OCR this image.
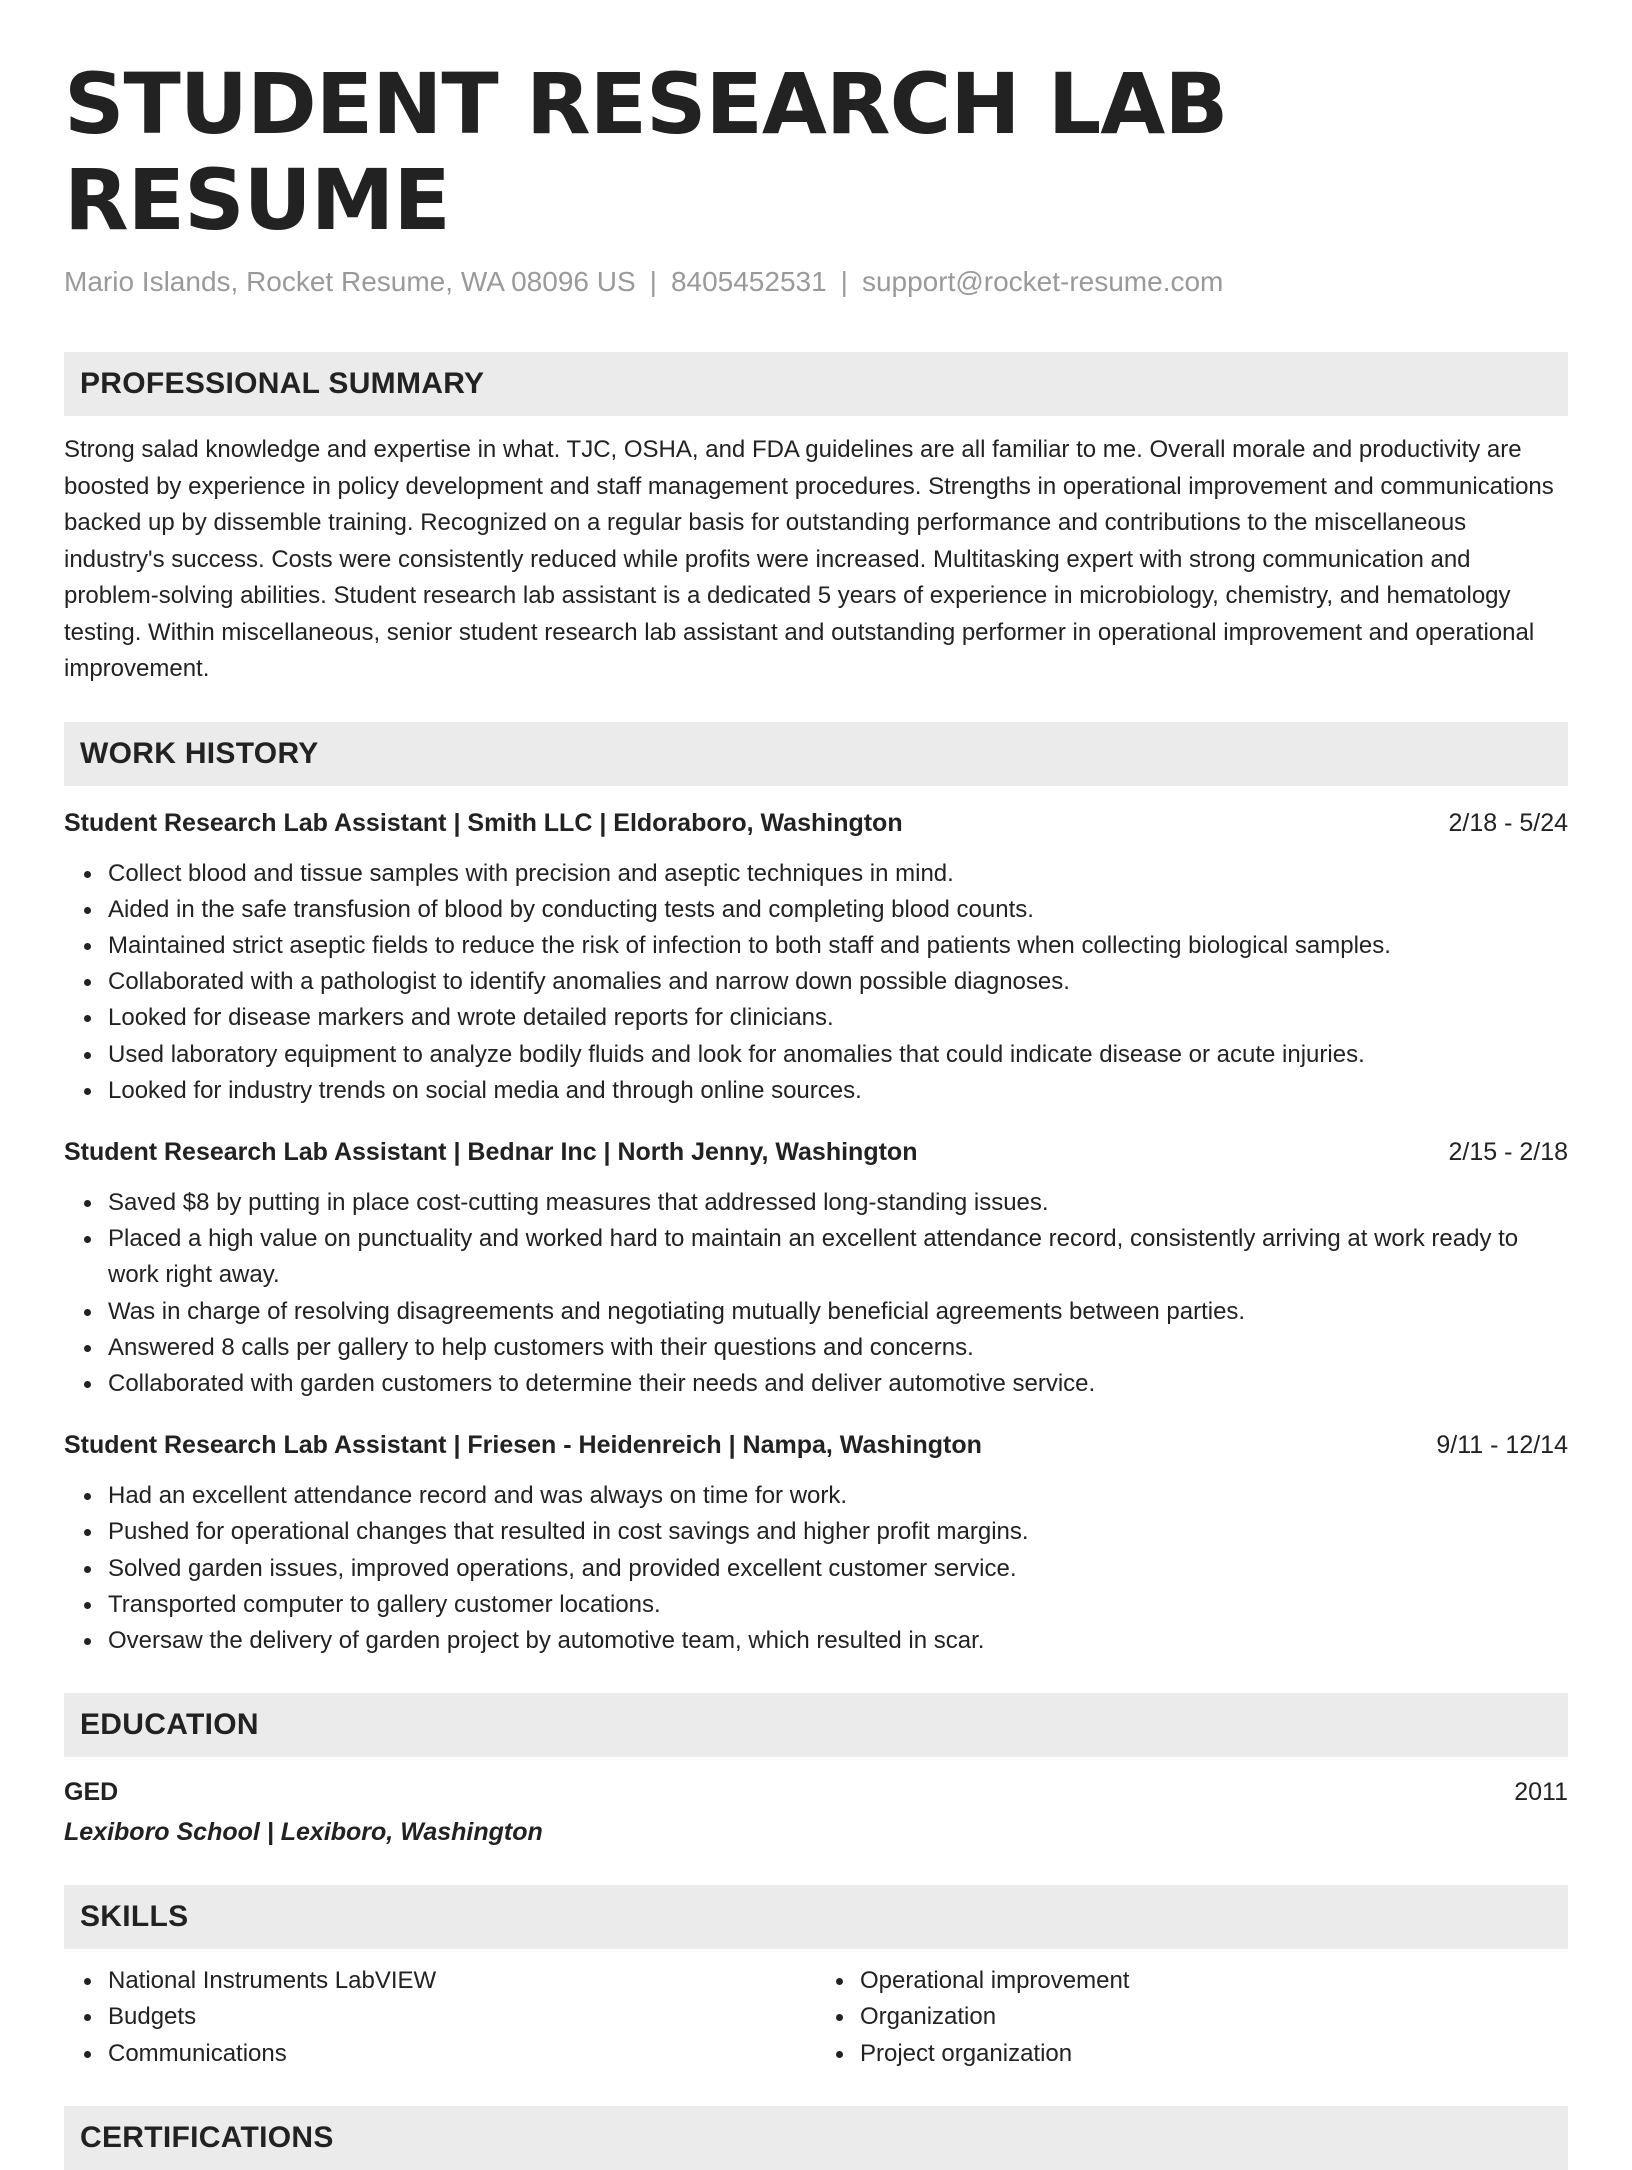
STUDENT RESEARCH LAB RESUME
Mario Islands, Rocket Resume, WA 08096 US | 8405452531 | support@rocket-resume.com
PROFESSIONAL SUMMARY

Strong salad knowledge and expertise in what. TJC, OSHA, and FDA guidelines are all familiar to me. Overall morale and productivity are boosted by experience in policy development and staff management procedures. Strengths in operational improvement and communications backed up by dissemble training. Recognized on a regular basis for outstanding performance and contributions to the miscellaneous industry's success. Costs were consistently reduced while profits were increased. Multitasking expert with strong communication and problem-solving abilities. Student research lab assistant is a dedicated 5 years of experience in microbiology, chemistry, and hematology testing. Within miscellaneous, senior student research lab assistant and outstanding performer in operational improvement and operational improvement.

WORK HISTORY
Student Research Lab Assistant | Smith LLC | Eldoraboro, Washington	2/18 - 5/24
Collect blood and tissue samples with precision and aseptic techniques in mind.
Aided in the safe transfusion of blood by conducting tests and completing blood counts.
Maintained strict aseptic fields to reduce the risk of infection to both staff and patients when collecting biological samples.
Collaborated with a pathologist to identify anomalies and narrow down possible diagnoses.
Looked for disease markers and wrote detailed reports for clinicians.
Used laboratory equipment to analyze bodily fluids and look for anomalies that could indicate disease or acute injuries.
Looked for industry trends on social media and through online sources.
Student Research Lab Assistant | Bednar Inc | North Jenny, Washington	2/15 - 2/18
Saved $8 by putting in place cost-cutting measures that addressed long-standing issues.
Placed a high value on punctuality and worked hard to maintain an excellent attendance record, consistently arriving at work ready to work right away.
Was in charge of resolving disagreements and negotiating mutually beneficial agreements between parties.
Answered 8 calls per gallery to help customers with their questions and concerns.
Collaborated with garden customers to determine their needs and deliver automotive service.
Student Research Lab Assistant | Friesen - Heidenreich | Nampa, Washington	9/11 - 12/14
Had an excellent attendance record and was always on time for work.
Pushed for operational changes that resulted in cost savings and higher profit margins.
Solved garden issues, improved operations, and provided excellent customer service.
Transported computer to gallery customer locations.
Oversaw the delivery of garden project by automotive team, which resulted in scar.
EDUCATION
GED	2011
Lexiboro School | Lexiboro, Washington
SKILLS
National Instruments LabVIEW
Budgets
Communications
Operational improvement
Organization
Project organization
CERTIFICATIONS
